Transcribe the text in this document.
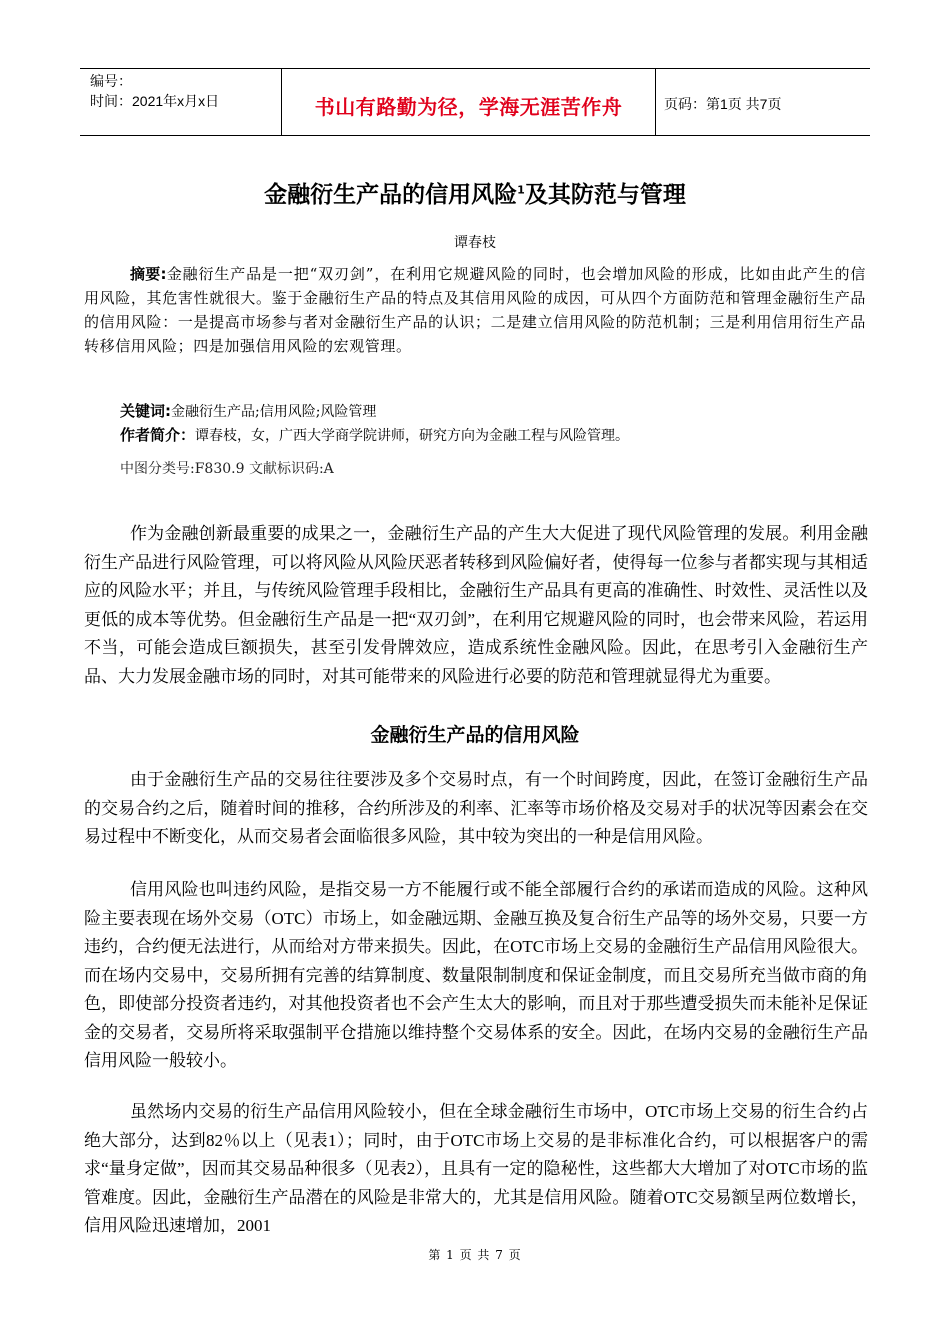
编号：
时间：2021年x月x日	书山有路勤为径，学海无涯苦作舟	页码：第1页 共7页
金融衍生产品的信用风险$^1$及其防范与管理
谭春枝
摘要:金融衍生产品是一把“双刃剑”，在利用它规避风险的同时，也会增加风险的形成，比如由此产生的信用风险，其危害性就很大。鉴于金融衍生产品的特点及其信用风险的成因，可从四个方面防范和管理金融衍生产品的信用风险：一是提高市场参与者对金融衍生产品的认识；二是建立信用风险的防范机制；三是利用信用衍生产品转移信用风险；四是加强信用风险的宏观管理。
关键词:金融衍生产品;信用风险;风险管理
作者简介：谭春枝，女，广西大学商学院讲师，研究方向为金融工程与风险管理。
中图分类号:F830.9 文献标识码:A

作为金融创新最重要的成果之一，金融衍生产品的产生大大促进了现代风险管理的发展。利用金融衍生产品进行风险管理，可以将风险从风险厌恶者转移到风险偏好者，使得每一位参与者都实现与其相适应的风险水平；并且，与传统风险管理手段相比，金融衍生产品具有更高的准确性、时效性、灵活性以及更低的成本等优势。但金融衍生产品是一把“双刃剑”，在利用它规避风险的同时，也会带来风险，若运用不当，可能会造成巨额损失，甚至引发骨牌效应，造成系统性金融风险。因此，在思考引入金融衍生产品、大力发展金融市场的同时，对其可能带来的风险进行必要的防范和管理就显得尤为重要。

金融衍生产品的信用风险

由于金融衍生产品的交易往往要涉及多个交易时点，有一个时间跨度，因此，在签订金融衍生产品的交易合约之后，随着时间的推移，合约所涉及的利率、汇率等市场价格及交易对手的状况等因素会在交易过程中不断变化，从而交易者会面临很多风险，其中较为突出的一种是信用风险。

信用风险也叫违约风险，是指交易一方不能履行或不能全部履行合约的承诺而造成的风险。这种风险主要表现在场外交易（OTC）市场上，如金融远期、金融互换及复合衍生产品等的场外交易，只要一方违约，合约便无法进行，从而给对方带来损失。因此，在OTC市场上交易的金融衍生产品信用风险很大。而在场内交易中，交易所拥有完善的结算制度、数量限制制度和保证金制度，而且交易所充当做市商的角色，即使部分投资者违约，对其他投资者也不会产生太大的影响，而且对于那些遭受损失而未能补足保证金的交易者，交易所将采取强制平仓措施以维持整个交易体系的安全。因此，在场内交易的金融衍生产品信用风险一般较小。

虽然场内交易的衍生产品信用风险较小，但在全球金融衍生市场中，OTC市场上交易的衍生合约占绝大部分，达到82％以上（见表1）；同时，由于OTC市场上交易的是非标准化合约，可以根据客户的需求“量身定做”，因而其交易品种很多（见表2），且具有一定的隐秘性，这些都大大增加了对OTC市场的监管难度。因此，金融衍生产品潜在的风险是非常大的，尤其是信用风险。随着OTC交易额呈两位数增长，信用风险迅速增加，2001

第 1 页 共 7 页
